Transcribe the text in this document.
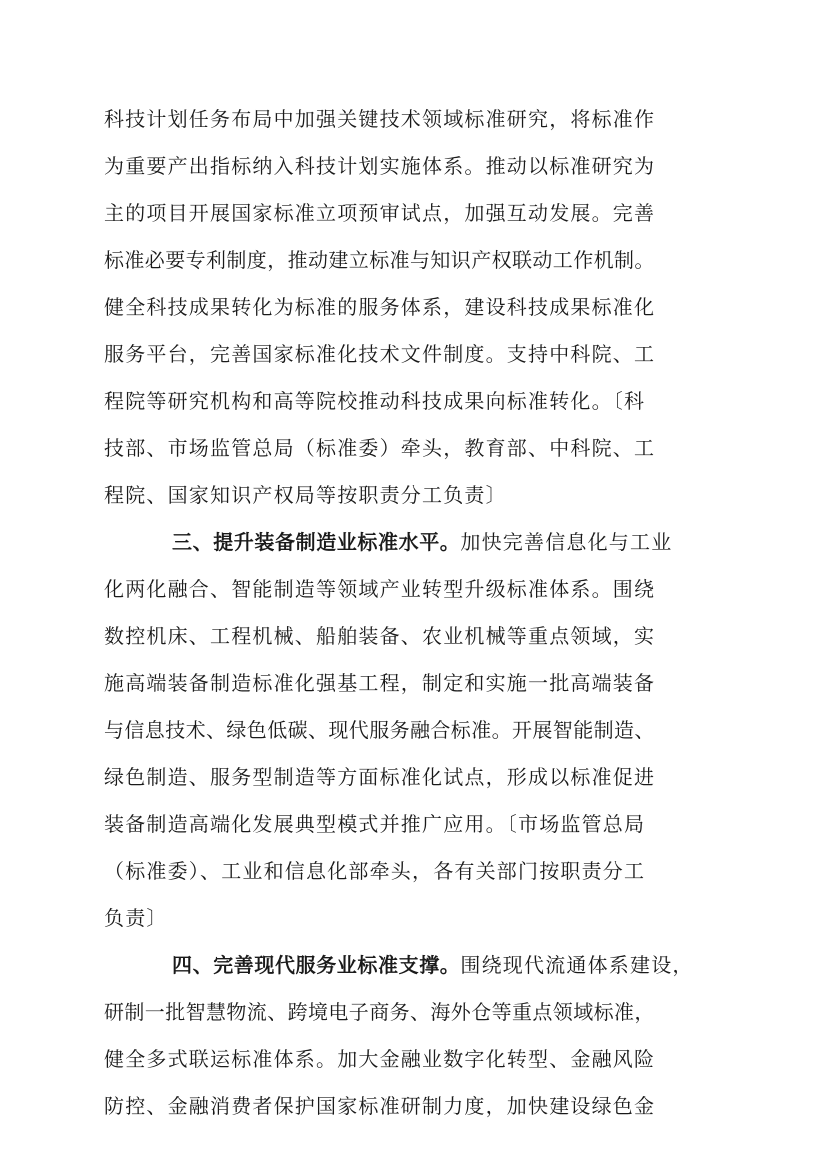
科技计划任务布局中加强关键技术领域标准研究，将标准作
为重要产出指标纳入科技计划实施体系。推动以标准研究为
主的项目开展国家标准立项预审试点，加强互动发展。完善
标准必要专利制度，推动建立标准与知识产权联动工作机制。
健全科技成果转化为标准的服务体系，建设科技成果标准化
服务平台，完善国家标准化技术文件制度。支持中科院、工
程院等研究机构和高等院校推动科技成果向标准转化。〔科
技部、市场监管总局（标准委）牵头，教育部、中科院、工
程院、国家知识产权局等按职责分工负责〕
三、提升装备制造业标准水平。加快完善信息化与工业
化两化融合、智能制造等领域产业转型升级标准体系。围绕
数控机床、工程机械、船舶装备、农业机械等重点领域，实
施高端装备制造标准化强基工程，制定和实施一批高端装备
与信息技术、绿色低碳、现代服务融合标准。开展智能制造、
绿色制造、服务型制造等方面标准化试点，形成以标准促进
装备制造高端化发展典型模式并推广应用。〔市场监管总局
（标准委）、工业和信息化部牵头，各有关部门按职责分工
负责〕
四、完善现代服务业标准支撑。围绕现代流通体系建设，
研制一批智慧物流、跨境电子商务、海外仓等重点领域标准，
健全多式联运标准体系。加大金融业数字化转型、金融风险
防控、金融消费者保护国家标准研制力度，加快建设绿色金
